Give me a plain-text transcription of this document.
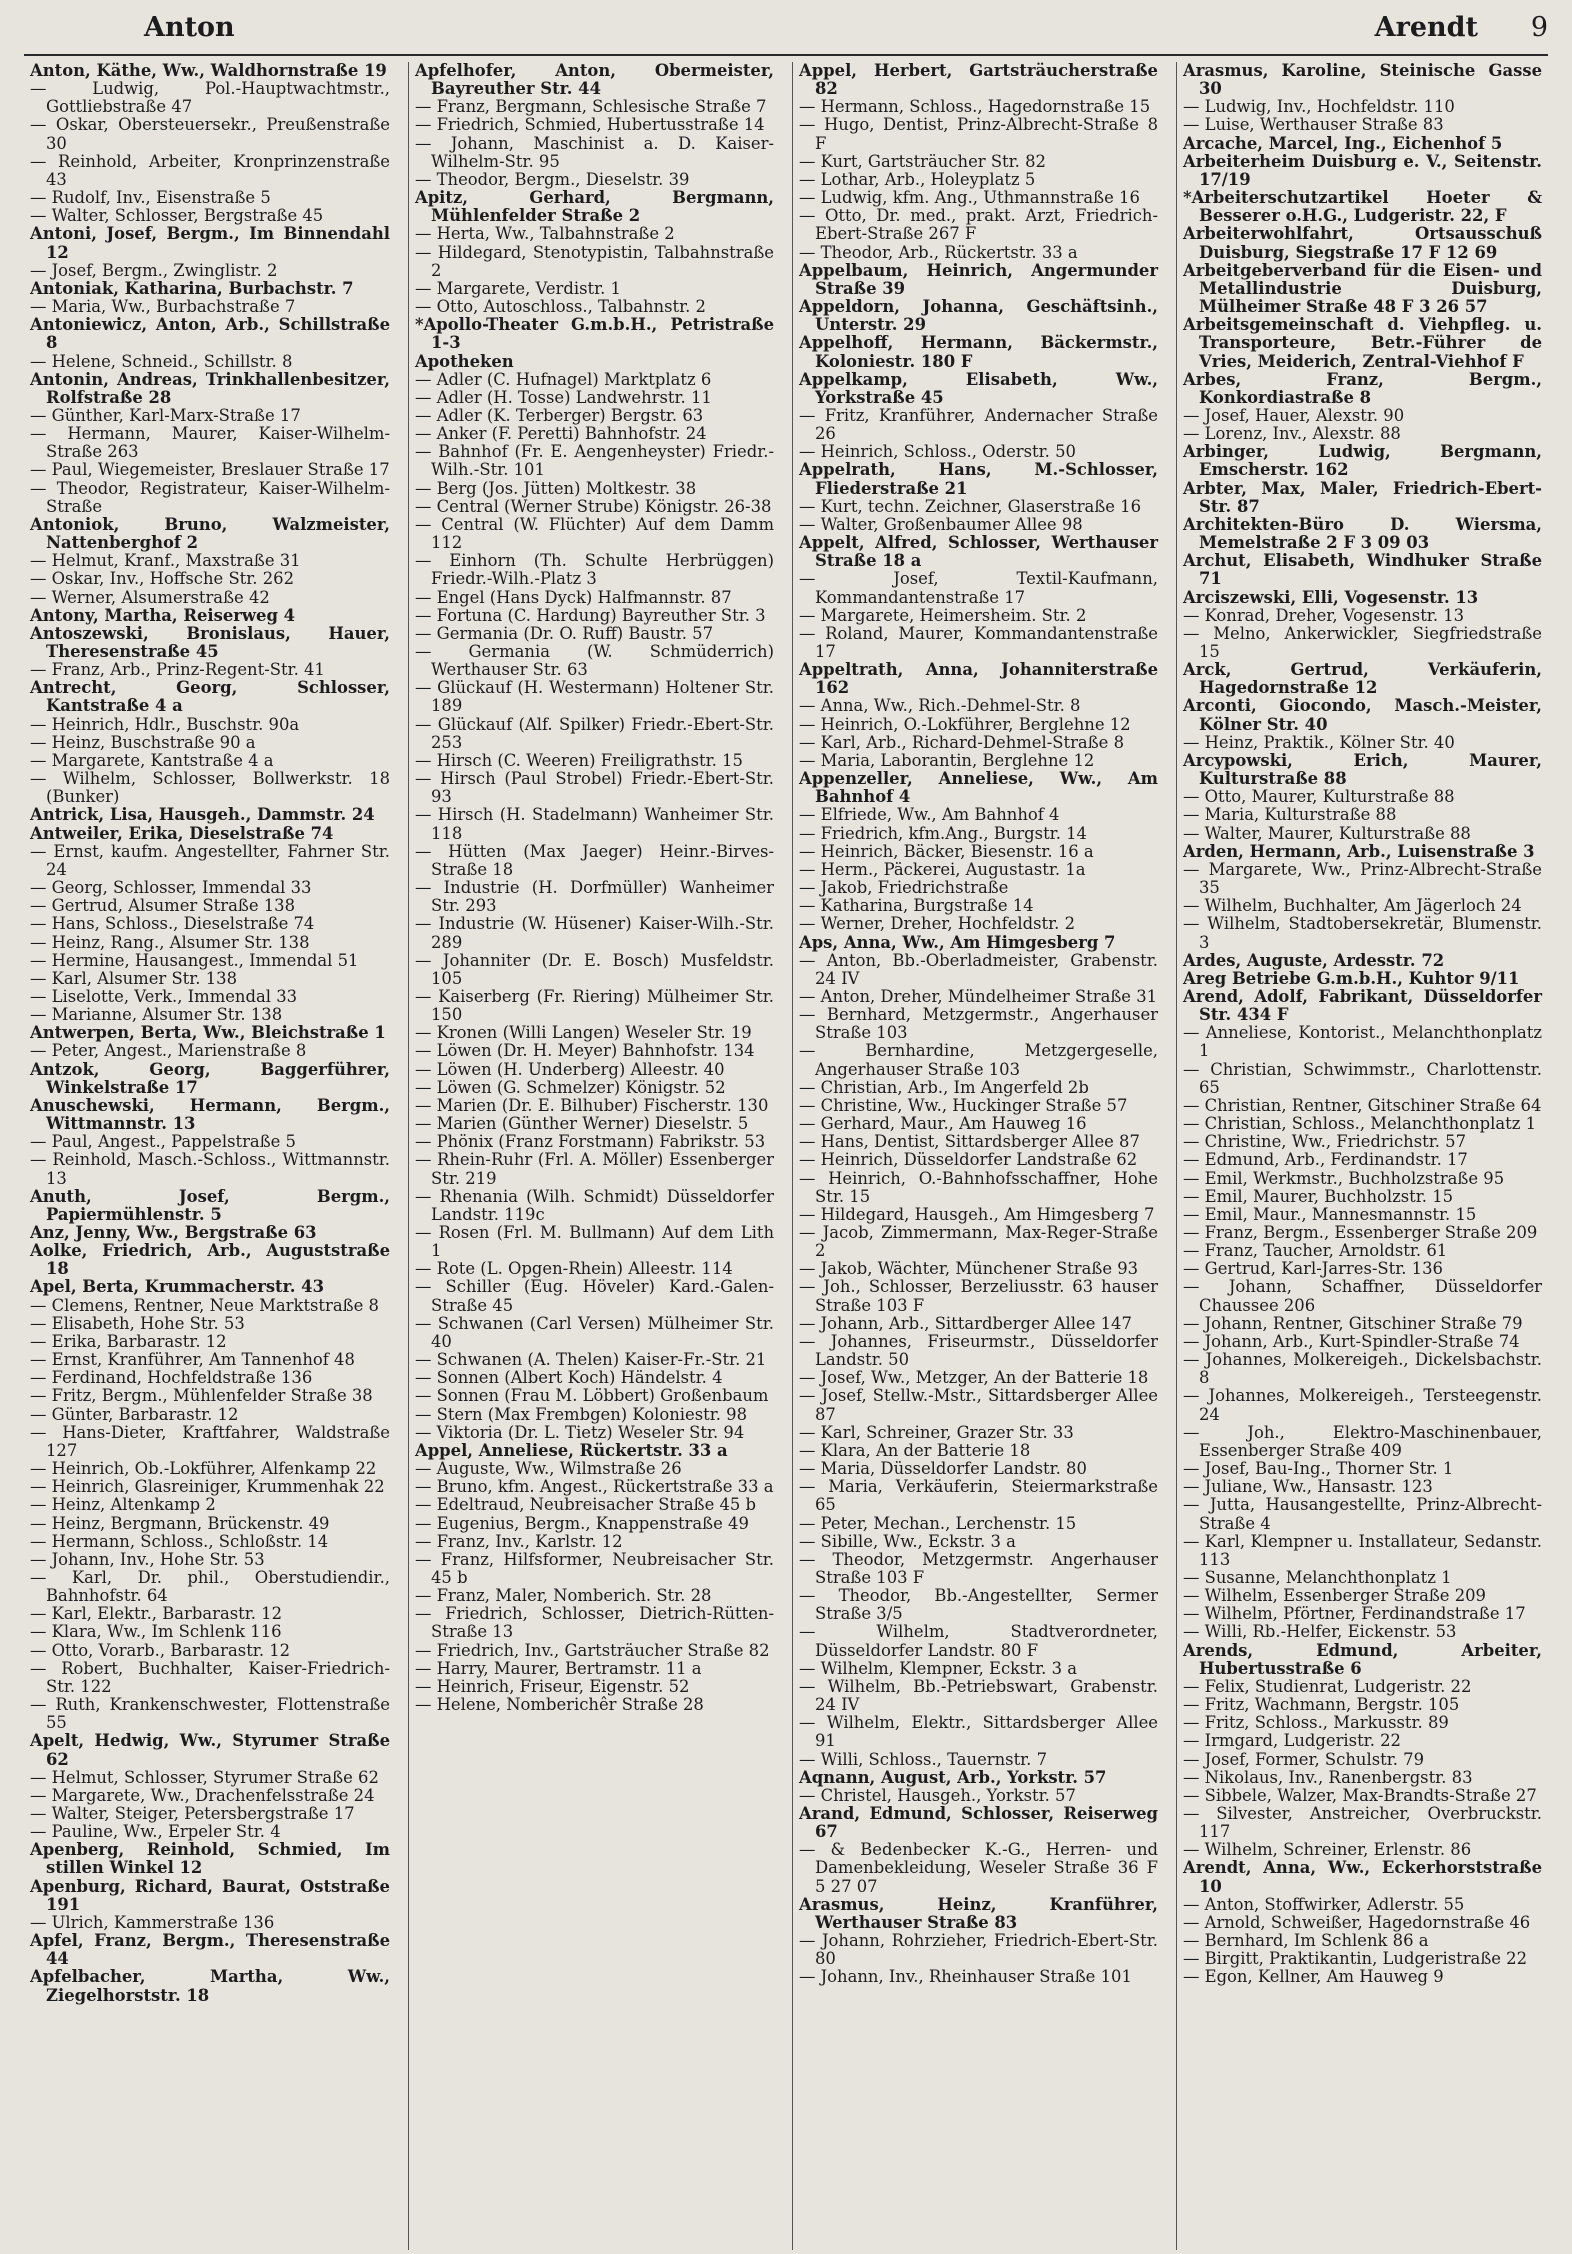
Anton	Arendt 9

Anton, Käthe, Ww., Waldhornstraße 19

— Ludwig, Pol.-Hauptwachtmstr., Gottliebstraße 47

— Oskar, Obersteuersekr., Preußenstraße 30

— Reinhold, Arbeiter, Kronprinzenstraße 43

— Rudolf, Inv., Eisenstraße 5

— Walter, Schlosser, Bergstraße 45

Antoni, Josef, Bergm., Im Binnendahl 12

— Josef, Bergm., Zwinglistr. 2

Antoniak, Katharina, Burbachstr. 7

— Maria, Ww., Burbachstraße 7

Antoniewicz, Anton, Arb., Schillstraße 8

— Helene, Schneid., Schillstr. 8

Antonin, Andreas, Trinkhallenbesitzer, Rolfstraße 28

— Günther, Karl-Marx-Straße 17

— Hermann, Maurer, Kaiser-Wilhelm-Straße 263

— Paul, Wiegemeister, Breslauer Straße 17

— Theodor, Registrateur, Kaiser-Wilhelm-Straße

Antoniok, Bruno, Walzmeister, Nattenberghof 2

— Helmut, Kranf., Maxstraße 31

— Oskar, Inv., Hoffsche Str. 262

— Werner, Alsumerstraße 42

Antony, Martha, Reiserweg 4

Antoszewski, Bronislaus, Hauer, Theresenstraße 45

— Franz, Arb., Prinz-Regent-Str. 41

Antrecht, Georg, Schlosser, Kantstraße 4 a

— Heinrich, Hdlr., Buschstr. 90a

— Heinz, Buschstraße 90 a

— Margarete, Kantstraße 4 a

— Wilhelm, Schlosser, Bollwerkstr. 18 (Bunker)

Antrick, Lisa, Hausgeh., Dammstr. 24

Antweiler, Erika, Dieselstraße 74

— Ernst, kaufm. Angestellter, Fahrner Str. 24

— Georg, Schlosser, Immendal 33

— Gertrud, Alsumer Straße 138

— Hans, Schloss., Dieselstraße 74

— Heinz, Rang., Alsumer Str. 138

— Hermine, Hausangest., Immendal 51

— Karl, Alsumer Str. 138

— Liselotte, Verk., Immendal 33

— Marianne, Alsumer Str. 138

Antwerpen, Berta, Ww., Bleichstraße 1

— Peter, Angest., Marienstraße 8

Antzok, Georg, Baggerführer, Winkelstraße 17

Anuschewski, Hermann, Bergm., Wittmannstr. 13

— Paul, Angest., Pappelstraße 5

— Reinhold, Masch.-Schloss., Wittmannstr. 13

Anuth, Josef, Bergm., Papiermühlenstr. 5

Anz, Jenny, Ww., Bergstraße 63

Aolke, Friedrich, Arb., Auguststraße 18

Apel, Berta, Krummacherstr. 43

— Clemens, Rentner, Neue Marktstraße 8

— Elisabeth, Hohe Str. 53

— Erika, Barbarastr. 12

— Ernst, Kranführer, Am Tannenhof 48

— Ferdinand, Hochfeldstraße 136

— Fritz, Bergm., Mühlenfelder Straße 38

— Günter, Barbarastr. 12

— Hans-Dieter, Kraftfahrer, Waldstraße 127

— Heinrich, Ob.-Lokführer, Alfenkamp 22

— Heinrich, Glasreiniger, Krummenhak 22

— Heinz, Altenkamp 2

— Heinz, Bergmann, Brückenstr. 49

— Hermann, Schloss., Schloßstr. 14

— Johann, Inv., Hohe Str. 53

— Karl, Dr. phil., Oberstudiendir., Bahnhofstr. 64

— Karl, Elektr., Barbarastr. 12

— Klara, Ww., Im Schlenk 116

— Otto, Vorarb., Barbarastr. 12

— Robert, Buchhalter, Kaiser-Friedrich-Str. 122

— Ruth, Krankenschwester, Flottenstraße 55

Apelt, Hedwig, Ww., Styrumer Straße 62

— Helmut, Schlosser, Styrumer Straße 62

— Margarete, Ww., Drachenfelsstraße 24

— Walter, Steiger, Petersbergstraße 17

— Pauline, Ww., Erpeler Str. 4

Apenberg, Reinhold, Schmied, Im stillen Winkel 12

Apenburg, Richard, Baurat, Oststraße 191

— Ulrich, Kammerstraße 136

Apfel, Franz, Bergm., Theresenstraße 44

Apfelbacher, Martha, Ww., Ziegelhorststr. 18

Apfelhofer, Anton, Obermeister, Bayreuther Str. 44

— Franz, Bergmann, Schlesische Straße 7

— Friedrich, Schmied, Hubertusstraße 14

— Johann, Maschinist a. D. Kaiser-Wilhelm-Str. 95

— Theodor, Bergm., Dieselstr. 39

Apitz, Gerhard, Bergmann, Mühlenfelder Straße 2

— Herta, Ww., Talbahnstraße 2

— Hildegard, Stenotypistin, Talbahnstraße 2

— Margarete, Verdistr. 1

— Otto, Autoschloss., Talbahnstr. 2

*Apollo-Theater G.m.b.H., Petristraße 1-3

Apotheken

— Adler (C. Hufnagel) Marktplatz 6

— Adler (H. Tosse) Landwehrstr. 11

— Adler (K. Terberger) Bergstr. 63

— Anker (F. Peretti) Bahnhofstr. 24

— Bahnhof (Fr. E. Aengenheyster) Friedr.-Wilh.-Str. 101

— Berg (Jos. Jütten) Moltkestr. 38

— Central (Werner Strube) Königstr. 26-38

— Central (W. Flüchter) Auf dem Damm 112

— Einhorn (Th. Schulte Herbrüggen) Friedr.-Wilh.-Platz 3

— Engel (Hans Dyck) Halfmannstr. 87

— Fortuna (C. Hardung) Bayreuther Str. 3

— Germania (Dr. O. Ruff) Baustr. 57

— Germania (W. Schmüderrich) Werthauser Str. 63

— Glückauf (H. Westermann) Holtener Str. 189

— Glückauf (Alf. Spilker) Friedr.-Ebert-Str. 253

— Hirsch (C. Weeren) Freiligrathstr. 15

— Hirsch (Paul Strobel) Friedr.-Ebert-Str. 93

— Hirsch (H. Stadelmann) Wanheimer Str. 118

— Hütten (Max Jaeger) Heinr.-Birves-Straße 18

— Industrie (H. Dorfmüller) Wanheimer Str. 293

— Industrie (W. Hüsener) Kaiser-Wilh.-Str. 289

— Johanniter (Dr. E. Bosch) Musfeldstr. 105

— Kaiserberg (Fr. Riering) Mülheimer Str. 150

— Kronen (Willi Langen) Weseler Str. 19

— Löwen (Dr. H. Meyer) Bahnhofstr. 134

— Löwen (H. Underberg) Alleestr. 40

— Löwen (G. Schmelzer) Königstr. 52

— Marien (Dr. E. Bilhuber) Fischerstr. 130

— Marien (Günther Werner) Dieselstr. 5

— Phönix (Franz Forstmann) Fabrikstr. 53

— Rhein-Ruhr (Frl. A. Möller) Essenberger Str. 219

— Rhenania (Wilh. Schmidt) Düsseldorfer Landstr. 119c

— Rosen (Frl. M. Bullmann) Auf dem Lith 1

— Rote (L. Opgen-Rhein) Alleestr. 114

— Schiller (Eug. Höveler) Kard.-Galen-Straße 45

— Schwanen (Carl Versen) Mülheimer Str. 40

— Schwanen (A. Thelen) Kaiser-Fr.-Str. 21

— Sonnen (Albert Koch) Händelstr. 4

— Sonnen (Frau M. Löbbert) Großenbaum

— Stern (Max Frembgen) Koloniestr. 98

— Viktoria (Dr. L. Tietz) Weseler Str. 94

Appel, Anneliese, Rückertstr. 33 a

— Auguste, Ww., Wilmstraße 26

— Bruno, kfm. Angest., Rückertstraße 33 a

— Edeltraud, Neubreisacher Straße 45 b

— Eugenius, Bergm., Knappenstraße 49

— Franz, Inv., Karlstr. 12

— Franz, Hilfsformer, Neubreisacher Str. 45 b

— Franz, Maler, Nomberich. Str. 28

— Friedrich, Schlosser, Dietrich-Rütten-Straße 13

— Friedrich, Inv., Gartsträucher Straße 82

— Harry, Maurer, Bertramstr. 11 a

— Heinrich, Friseur, Eigenstr. 52

— Helene, Nomberichêr Straße 28

Appel, Herbert, Gartsträucherstraße 82

— Hermann, Schloss., Hagedornstraße 15

— Hugo, Dentist, Prinz-Albrecht-Straße 8 F

— Kurt, Gartsträucher Str. 82

— Lothar, Arb., Holeyplatz 5

— Ludwig, kfm. Ang., Uthmannstraße 16

— Otto, Dr. med., prakt. Arzt, Friedrich-Ebert-Straße 267 F

— Theodor, Arb., Rückertstr. 33 a

Appelbaum, Heinrich, Angermunder Straße 39

Appeldorn, Johanna, Geschäftsinh., Unterstr. 29

Appelhoff, Hermann, Bäckermstr., Koloniestr. 180 F

Appelkamp, Elisabeth, Ww., Yorkstraße 45

— Fritz, Kranführer, Andernacher Straße 26

— Heinrich, Schloss., Oderstr. 50

Appelrath, Hans, M.-Schlosser, Fliederstraße 21

— Kurt, techn. Zeichner, Glaserstraße 16

— Walter, Großenbaumer Allee 98

Appelt, Alfred, Schlosser, Werthauser Straße 18 a

— Josef, Textil-Kaufmann, Kommandantenstraße 17

— Margarete, Heimersheim. Str. 2

— Roland, Maurer, Kommandantenstraße 17

Appeltrath, Anna, Johanniterstraße 162

— Anna, Ww., Rich.-Dehmel-Str. 8

— Heinrich, O.-Lokführer, Berglehne 12

— Karl, Arb., Richard-Dehmel-Straße 8

— Maria, Laborantin, Berglehne 12

Appenzeller, Anneliese, Ww., Am Bahnhof 4

— Elfriede, Ww., Am Bahnhof 4

— Friedrich, kfm.Ang., Burgstr. 14

— Heinrich, Bäcker, Biesenstr. 16 a

— Herm., Päckerei, Augustastr. 1a

— Jakob, Friedrichstraße

— Katharina, Burgstraße 14

— Werner, Dreher, Hochfeldstr. 2

Aps, Anna, Ww., Am Himgesberg 7

— Anton, Bb.-Oberladmeister, Grabenstr. 24 IV

— Anton, Dreher, Mündelheimer Straße 31

— Bernhard, Metzgermstr., Angerhauser Straße 103

— Bernhardine, Metzgergeselle, Angerhauser Straße 103

— Christian, Arb., Im Angerfeld 2b

— Christine, Ww., Huckinger Straße 57

— Gerhard, Maur., Am Hauweg 16

— Hans, Dentist, Sittardsberger Allee 87

— Heinrich, Düsseldorfer Landstraße 62

— Heinrich, O.-Bahnhofsschaffner, Hohe Str. 15

— Hildegard, Hausgeh., Am Himgesberg 7

— Jacob, Zimmermann, Max-Reger-Straße 2

— Jakob, Wächter, Münchener Straße 93

— Joh., Schlosser, Berzeliusstr. 63 hauser Straße 103 F

— Johann, Arb., Sittardberger Allee 147

— Johannes, Friseurmstr., Düsseldorfer Landstr. 50

— Josef, Ww., Metzger, An der Batterie 18

— Josef, Stellw.-Mstr., Sittardsberger Allee 87

— Karl, Schreiner, Grazer Str. 33

— Klara, An der Batterie 18

— Maria, Düsseldorfer Landstr. 80

— Maria, Verkäuferin, Steiermarkstraße 65

— Peter, Mechan., Lerchenstr. 15

— Sibille, Ww., Eckstr. 3 a

— Theodor, Metzgermstr. Angerhauser Straße 103 F

— Theodor, Bb.-Angestellter, Sermer Straße 3/5

— Wilhelm, Stadtverordneter, Düsseldorfer Landstr. 80 F

— Wilhelm, Klempner, Eckstr. 3 a

— Wilhelm, Bb.-Petriebswart, Grabenstr. 24 IV

— Wilhelm, Elektr., Sittardsberger Allee 91

— Willi, Schloss., Tauernstr. 7

Aqnann, August, Arb., Yorkstr. 57

— Christel, Hausgeh., Yorkstr. 57

Arand, Edmund, Schlosser, Reiserweg 67

— & Bedenbecker K.-G., Herren- und Damenbekleidung, Weseler Straße 36 F 5 27 07

Arasmus, Heinz, Kranführer, Werthauser Straße 83

— Johann, Rohrzieher, Friedrich-Ebert-Str. 80

— Johann, Inv., Rheinhauser Straße 101

Arasmus, Karoline, Steinische Gasse 30

— Ludwig, Inv., Hochfeldstr. 110

— Luise, Werthauser Straße 83

Arcache, Marcel, Ing., Eichenhof 5

Arbeiterheim Duisburg e. V., Seitenstr. 17/19

*Arbeiterschutzartikel Hoeter & Besserer o.H.G., Ludgeristr. 22, F

Arbeiterwohlfahrt, Ortsausschuß Duisburg, Siegstraße 17 F 12 69

Arbeitgeberverband für die Eisen- und Metallindustrie Duisburg, Mülheimer Straße 48 F 3 26 57

Arbeitsgemeinschaft d. Viehpfleg. u. Transporteure, Betr.-Führer de Vries, Meiderich, Zentral-Viehhof F

Arbes, Franz, Bergm., Konkordiastraße 8

— Josef, Hauer, Alexstr. 90

— Lorenz, Inv., Alexstr. 88

Arbinger, Ludwig, Bergmann, Emscherstr. 162

Arbter, Max, Maler, Friedrich-Ebert-Str. 87

Architekten-Büro D. Wiersma, Memelstraße 2 F 3 09 03

Archut, Elisabeth, Windhuker Straße 71

Arciszewski, Elli, Vogesenstr. 13

— Konrad, Dreher, Vogesenstr. 13

— Melno, Ankerwickler, Siegfriedstraße 15

Arck, Gertrud, Verkäuferin, Hagedornstraße 12

Arconti, Giocondo, Masch.-Meister, Kölner Str. 40

— Heinz, Praktik., Kölner Str. 40

Arcypowski, Erich, Maurer, Kulturstraße 88

— Otto, Maurer, Kulturstraße 88

— Maria, Kulturstraße 88

— Walter, Maurer, Kulturstraße 88

Arden, Hermann, Arb., Luisenstraße 3

— Margarete, Ww., Prinz-Albrecht-Straße 35

— Wilhelm, Buchhalter, Am Jägerloch 24

— Wilhelm, Stadtobersekretär, Blumenstr. 3

Ardes, Auguste, Ardesstr. 72

Areg Betriebe G.m.b.H., Kuhtor 9/11

Arend, Adolf, Fabrikant, Düsseldorfer Str. 434 F

— Anneliese, Kontorist., Melanchthonplatz 1

— Christian, Schwimmstr., Charlottenstr. 65

— Christian, Rentner, Gitschiner Straße 64

— Christian, Schloss., Melanchthonplatz 1

— Christine, Ww., Friedrichstr. 57

— Edmund, Arb., Ferdinandstr. 17

— Emil, Werkmstr., Buchholzstraße 95

— Emil, Maurer, Buchholzstr. 15

— Emil, Maur., Mannesmannstr. 15

— Franz, Bergm., Essenberger Straße 209

— Franz, Taucher, Arnoldstr. 61

— Gertrud, Karl-Jarres-Str. 136

— Johann, Schaffner, Düsseldorfer Chaussee 206

— Johann, Rentner, Gitschiner Straße 79

— Johann, Arb., Kurt-Spindler-Straße 74

— Johannes, Molkereigeh., Dickelsbachstr. 8

— Johannes, Molkereigeh., Tersteegenstr. 24

— Joh., Elektro-Maschinenbauer, Essenberger Straße 409

— Josef, Bau-Ing., Thorner Str. 1

— Juliane, Ww., Hansastr. 123

— Jutta, Hausangestellte, Prinz-Albrecht-Straße 4

— Karl, Klempner u. Installateur, Sedanstr. 113

— Susanne, Melanchthonplatz 1

— Wilhelm, Essenberger Straße 209

— Wilhelm, Pförtner, Ferdinandstraße 17

— Willi, Rb.-Helfer, Eickenstr. 53

Arends, Edmund, Arbeiter, Hubertusstraße 6

— Felix, Studienrat, Ludgeristr. 22

— Fritz, Wachmann, Bergstr. 105

— Fritz, Schloss., Markusstr. 89

— Irmgard, Ludgeristr. 22

— Josef, Former, Schulstr. 79

— Nikolaus, Inv., Ranenbergstr. 83

— Sibbele, Walzer, Max-Brandts-Straße 27

— Silvester, Anstreicher, Overbruckstr. 117

— Wilhelm, Schreiner, Erlenstr. 86

Arendt, Anna, Ww., Eckerhorststraße 10

— Anton, Stoffwirker, Adlerstr. 55

— Arnold, Schweißer, Hagedornstraße 46

— Bernhard, Im Schlenk 86 a

— Birgitt, Praktikantin, Ludgeristraße 22

— Egon, Kellner, Am Hauweg 9
